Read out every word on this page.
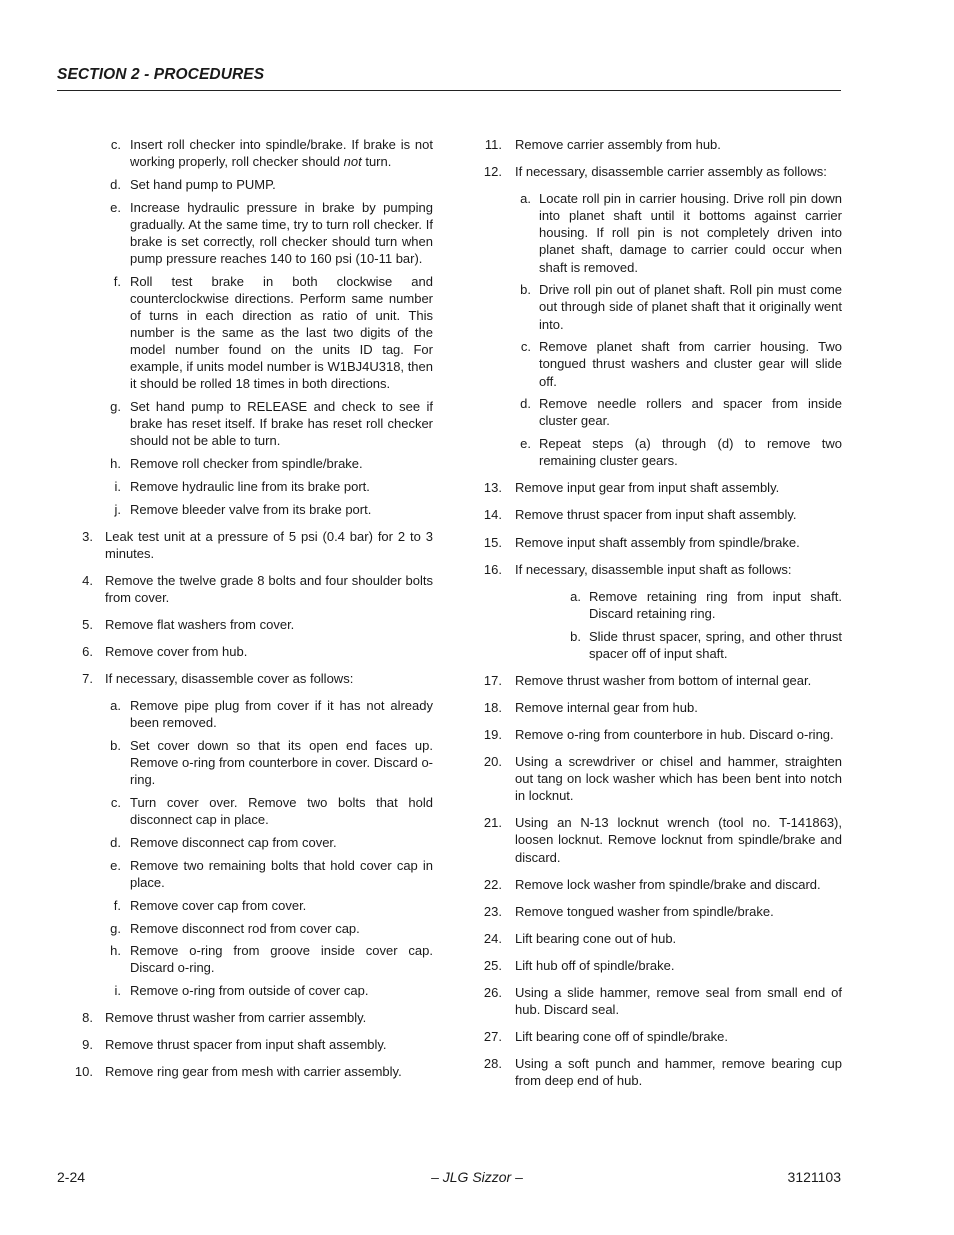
SECTION 2 - PROCEDURES
c. Insert roll checker into spindle/brake. If brake is not working properly, roll checker should not turn.
d. Set hand pump to PUMP.
e. Increase hydraulic pressure in brake by pumping gradually. At the same time, try to turn roll checker. If brake is set correctly, roll checker should turn when pump pressure reaches 140 to 160 psi (10-11 bar).
f. Roll test brake in both clockwise and counterclockwise directions. Perform same number of turns in each direction as ratio of unit. This number is the same as the last two digits of the model number found on the units ID tag. For example, if units model number is W1BJ4U318, then it should be rolled 18 times in both directions.
g. Set hand pump to RELEASE and check to see if brake has reset itself. If brake has reset roll checker should not be able to turn.
h. Remove roll checker from spindle/brake.
i. Remove hydraulic line from its brake port.
j. Remove bleeder valve from its brake port.
3. Leak test unit at a pressure of 5 psi (0.4 bar) for 2 to 3 minutes.
4. Remove the twelve grade 8 bolts and four shoulder bolts from cover.
5. Remove flat washers from cover.
6. Remove cover from hub.
7. If necessary, disassemble cover as follows:
a. Remove pipe plug from cover if it has not already been removed.
b. Set cover down so that its open end faces up. Remove o-ring from counterbore in cover. Discard o-ring.
c. Turn cover over. Remove two bolts that hold disconnect cap in place.
d. Remove disconnect cap from cover.
e. Remove two remaining bolts that hold cover cap in place.
f. Remove cover cap from cover.
g. Remove disconnect rod from cover cap.
h. Remove o-ring from groove inside cover cap. Discard o-ring.
i. Remove o-ring from outside of cover cap.
8. Remove thrust washer from carrier assembly.
9. Remove thrust spacer from input shaft assembly.
10. Remove ring gear from mesh with carrier assembly.
11. Remove carrier assembly from hub.
12. If necessary, disassemble carrier assembly as follows:
a. Locate roll pin in carrier housing. Drive roll pin down into planet shaft until it bottoms against carrier housing. If roll pin is not completely driven into planet shaft, damage to carrier could occur when shaft is removed.
b. Drive roll pin out of planet shaft. Roll pin must come out through side of planet shaft that it originally went into.
c. Remove planet shaft from carrier housing. Two tongued thrust washers and cluster gear will slide off.
d. Remove needle rollers and spacer from inside cluster gear.
e. Repeat steps (a) through (d) to remove two remaining cluster gears.
13. Remove input gear from input shaft assembly.
14. Remove thrust spacer from input shaft assembly.
15. Remove input shaft assembly from spindle/brake.
16. If necessary, disassemble input shaft as follows:
a. Remove retaining ring from input shaft. Discard retaining ring.
b. Slide thrust spacer, spring, and other thrust spacer off of input shaft.
17. Remove thrust washer from bottom of internal gear.
18. Remove internal gear from hub.
19. Remove o-ring from counterbore in hub. Discard o-ring.
20. Using a screwdriver or chisel and hammer, straighten out tang on lock washer which has been bent into notch in locknut.
21. Using an N-13 locknut wrench (tool no. T-141863), loosen locknut. Remove locknut from spindle/brake and discard.
22. Remove lock washer from spindle/brake and discard.
23. Remove tongued washer from spindle/brake.
24. Lift bearing cone out of hub.
25. Lift hub off of spindle/brake.
26. Using a slide hammer, remove seal from small end of hub. Discard seal.
27. Lift bearing cone off of spindle/brake.
28. Using a soft punch and hammer, remove bearing cup from deep end of hub.
2-24	– JLG Sizzor –	3121103
